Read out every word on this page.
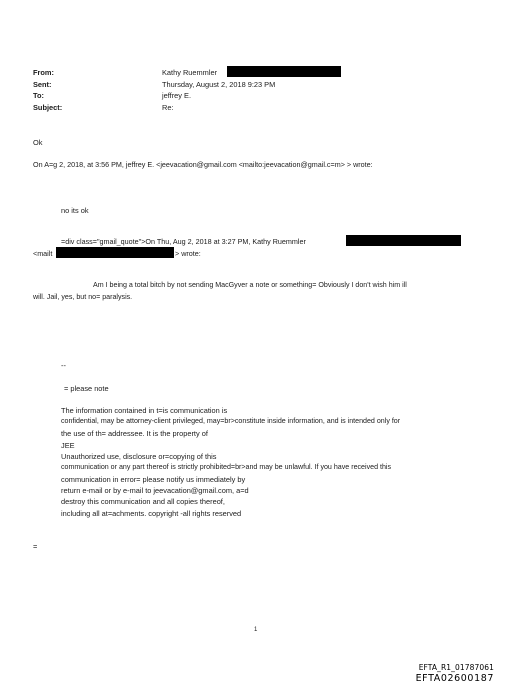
From:	Kathy Ruemmler
Sent:	Thursday, August 2, 2018 9:23 PM
To:	jeffrey E.
Subject:	Re:
Ok
On A=g 2, 2018, at 3:56 PM, jeffrey E. <jeevacation@gmail.com <mailto:jeevacation@gmail.c=m> > wrote:
no its ok
=div class="gmail_quote">On Thu, Aug 2, 2018 at 3:27 PM, Kathy Ruemmler
<mailt	> wrote:
Am I being a total bitch by not sending MacGyver a note or something= Obviously I don't wish him ill
will. Jail, yes, but no= paralysis.
--
= please note
The information contained in t=is communication is
confidential, may be attorney-client privileged, may=br>constitute inside information, and is intended only for
the use of th= addressee. It is the property of
JEE
Unauthorized use, disclosure or=copying of this
communication or any part thereof is strictly prohibited=br>and may be unlawful. If you have received this
communication in error= please notify us immediately by
return e-mail or by e-mail to jeevacation@gmail.com, a=d
destroy this communication and all copies thereof,
including all at=achments. copyright -all rights reserved
=
1
EFTA_R1_01787061
EFTA02600187
